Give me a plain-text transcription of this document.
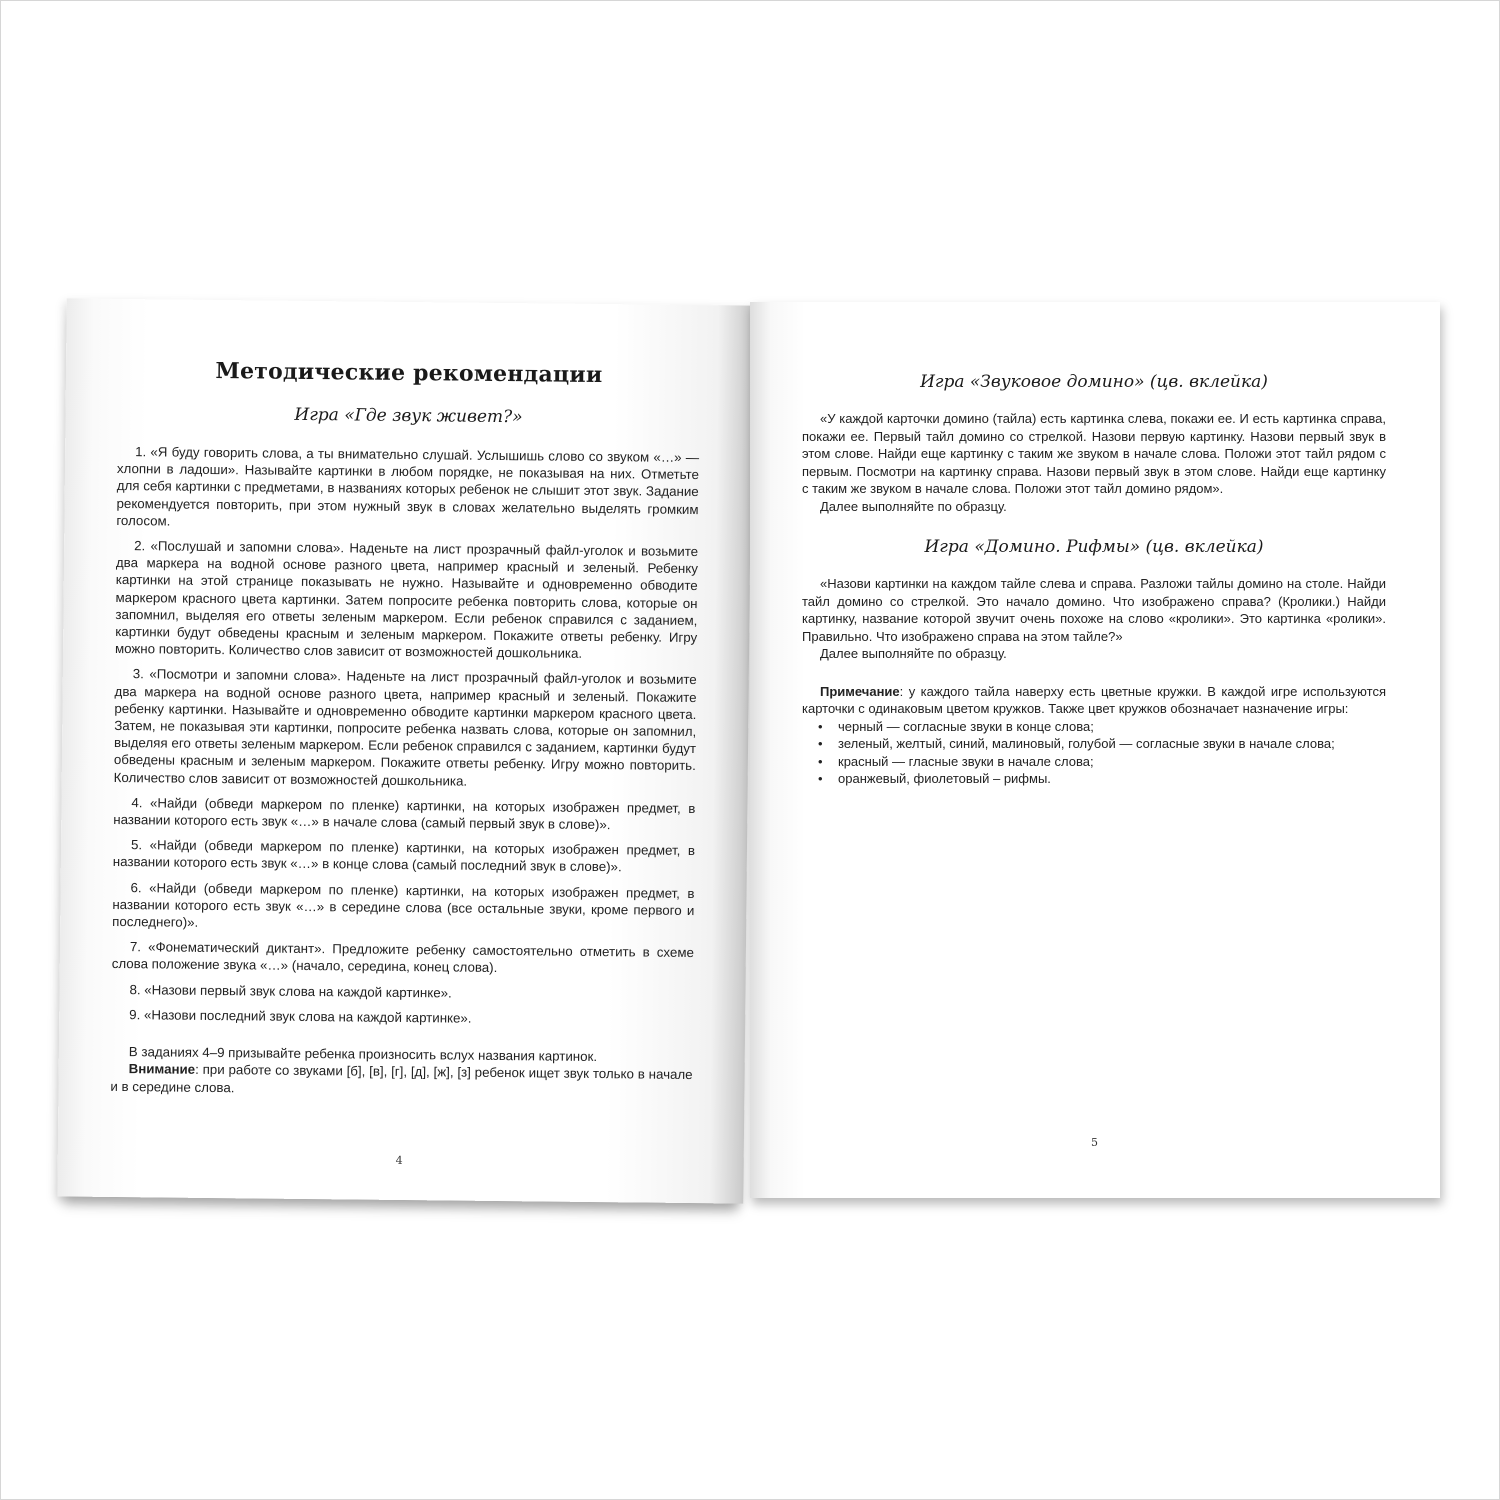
Методические рекомендации
Игра «Где звук живет?»

1. «Я буду говорить слова, а ты внимательно слушай. Услышишь слово со звуком «…» — хлопни в ладоши». Называйте картинки в любом порядке, не показывая на них. Отметьте для себя картинки с предметами, в названиях которых ребенок не слышит этот звук. Задание рекомендуется повторить, при этом нужный звук в словах желательно выделять громким голосом.

2. «Послушай и запомни слова». Наденьте на лист прозрачный файл-уголок и возьмите два маркера на водной основе разного цвета, например красный и зеленый. Ребенку картинки на этой странице показывать не нужно. Называйте и одновременно обводите маркером красного цвета картинки. Затем попросите ребенка повторить слова, которые он запомнил, выделяя его ответы зеленым маркером. Если ребенок справился с заданием, картинки будут обведены красным и зеленым маркером. Покажите ответы ребенку. Игру можно повторить. Количество слов зависит от возможностей дошкольника.

3. «Посмотри и запомни слова». Наденьте на лист прозрачный файл-уголок и возьмите два маркера на водной основе разного цвета, например красный и зеленый. Покажите ребенку картинки. Называйте и одновременно обводите картинки маркером красного цвета. Затем, не показывая эти картинки, попросите ребенка назвать слова, которые он запомнил, выделяя его ответы зеленым маркером. Если ребенок справился с заданием, картинки будут обведены красным и зеленым маркером. Покажите ответы ребенку. Игру можно повторить. Количество слов зависит от возможностей дошкольника.

4. «Найди (обведи маркером по пленке) картинки, на которых изображен предмет, в названии которого есть звук «…» в начале слова (самый первый звук в слове)».

5. «Найди (обведи маркером по пленке) картинки, на которых изображен предмет, в названии которого есть звук «…» в конце слова (самый последний звук в слове)».

6. «Найди (обведи маркером по пленке) картинки, на которых изображен предмет, в названии которого есть звук «…» в середине слова (все остальные звуки, кроме первого и последнего)».

7. «Фонематический диктант». Предложите ребенку самостоятельно отметить в схеме слова положение звука «…» (начало, середина, конец слова).

8. «Назови первый звук слова на каждой картинке».

9. «Назови последний звук слова на каждой картинке».

В заданиях 4–9 призывайте ребенка произносить вслух названия картинок.

Внимание: при работе со звуками [б], [в], [г], [д], [ж], [з] ребенок ищет звук только в начале и в середине слова.

4
Игра «Звуковое домино» (цв. вклейка)

«У каждой карточки домино (тайла) есть картинка слева, покажи ее. И есть картинка справа, покажи ее. Первый тайл домино со стрелкой. Назови первую картинку. Назови первый звук в этом слове. Найди еще картинку с таким же звуком в начале слова. Положи этот тайл рядом с первым. Посмотри на картинку справа. Назови первый звук в этом слове. Найди еще картинку с таким же звуком в начале слова. Положи этот тайл домино рядом».

Далее выполняйте по образцу.

Игра «Домино. Рифмы» (цв. вклейка)

«Назови картинки на каждом тайле слева и справа. Разложи тайлы домино на столе. Найди тайл домино со стрелкой. Это начало домино. Что изображено справа? (Кролики.) Найди картинку, название которой звучит очень похоже на слово «кролики». Это картинка «ролики». Правильно. Что изображено справа на этом тайле?»

Далее выполняйте по образцу.

Примечание: у каждого тайла наверху есть цветные кружки. В каждой игре используются карточки с одинаковым цветом кружков. Также цвет кружков обозначает назначение игры:

• черный — согласные звуки в конце слова;
• зеленый, желтый, синий, малиновый, голубой — согласные звуки в начале слова;
• красный — гласные звуки в начале слова;
• оранжевый, фиолетовый – рифмы.
5
